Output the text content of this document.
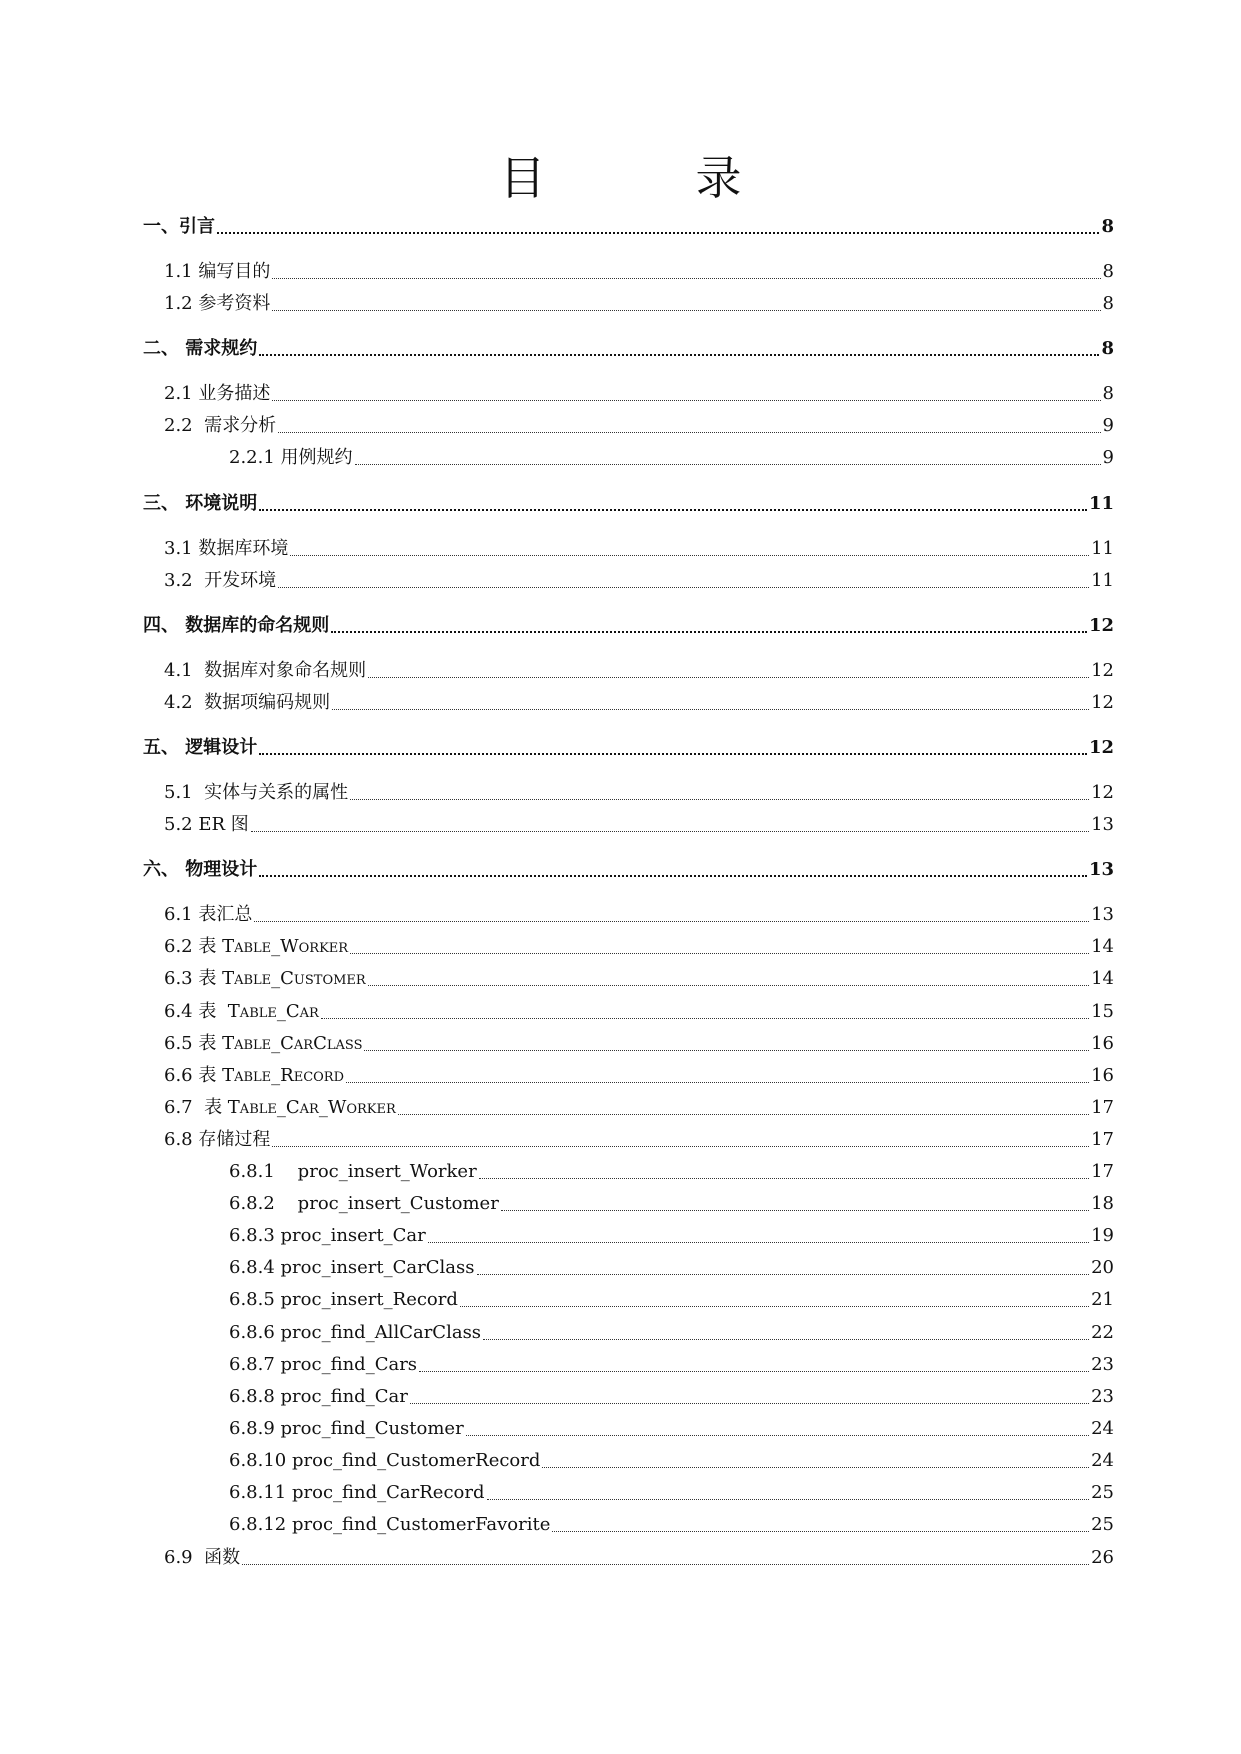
目　录
一、引言	8
1.1 编写目的	8
1.2 参考资料	8
二、 需求规约	8
2.1 业务描述	8
2.2  需求分析	9
2.2.1 用例规约	9
三、 环境说明	11
3.1 数据库环境	11
3.2  开发环境	11
四、 数据库的命名规则	12
4.1  数据库对象命名规则	12
4.2  数据项编码规则	12
五、 逻辑设计	12
5.1  实体与关系的属性	12
5.2 ER 图	13
六、 物理设计	13
6.1 表汇总	13
6.2 表 Table_Worker	14
6.3 表 Table_Customer	14
6.4 表 Table_Car	15
6.5 表 Table_CarClass	16
6.6 表 Table_Record	16
6.7  表 Table_Car_Worker	17
6.8 存储过程	17
6.8.1    proc_insert_Worker	17
6.8.2    proc_insert_Customer	18
6.8.3 proc_insert_Car	19
6.8.4 proc_insert_CarClass	20
6.8.5 proc_insert_Record	21
6.8.6 proc_find_AllCarClass	22
6.8.7 proc_find_Cars	23
6.8.8 proc_find_Car	23
6.8.9 proc_find_Customer	24
6.8.10 proc_find_CustomerRecord	24
6.8.11 proc_find_CarRecord	25
6.8.12 proc_find_CustomerFavorite	25
6.9  函数	26
